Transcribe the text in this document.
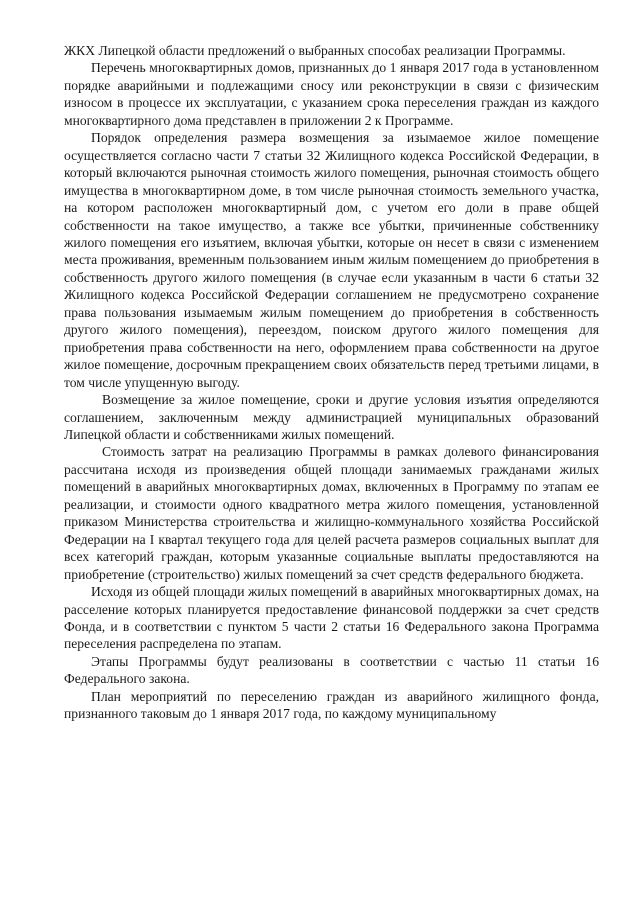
ЖКХ Липецкой области предложений о выбранных способах реализации Программы.

Перечень многоквартирных домов, признанных до 1 января 2017 года в установленном порядке аварийными и подлежащими сносу или реконструкции в связи с физическим износом в процессе их эксплуатации, с указанием срока переселения граждан из каждого многоквартирного дома представлен в приложении 2 к Программе.

Порядок определения размера возмещения за изымаемое жилое помещение осуществляется согласно части 7 статьи 32 Жилищного кодекса Российской Федерации, в который включаются рыночная стоимость жилого помещения, рыночная стоимость общего имущества в многоквартирном доме, в том числе рыночная стоимость земельного участка, на котором расположен многоквартирный дом, с учетом его доли в праве общей собственности на такое имущество, а также все убытки, причиненные собственнику жилого помещения его изъятием, включая убытки, которые он несет в связи с изменением места проживания, временным пользованием иным жилым помещением до приобретения в собственность другого жилого помещения (в случае если указанным в части 6 статьи 32 Жилищного кодекса Российской Федерации соглашением не предусмотрено сохранение права пользования изымаемым жилым помещением до приобретения в собственность другого жилого помещения), переездом, поиском другого жилого помещения для приобретения права собственности на него, оформлением права собственности на другое жилое помещение, досрочным прекращением своих обязательств перед третьими лицами, в том числе упущенную выгоду.

Возмещение за жилое помещение, сроки и другие условия изъятия определяются соглашением, заключенным между администрацией муниципальных образований Липецкой области и собственниками жилых помещений.

Стоимость затрат на реализацию Программы в рамках долевого финансирования рассчитана исходя из произведения общей площади занимаемых гражданами жилых помещений в аварийных многоквартирных домах, включенных в Программу по этапам ее реализации, и стоимости одного квадратного метра жилого помещения, установленной приказом Министерства строительства и жилищно-коммунального хозяйства Российской Федерации на I квартал текущего года для целей расчета размеров социальных выплат для всех категорий граждан, которым указанные социальные выплаты предоставляются на приобретение (строительство) жилых помещений за счет средств федерального бюджета.

Исходя из общей площади жилых помещений в аварийных многоквартирных домах, на расселение которых планируется предоставление финансовой поддержки за счет средств Фонда, и в соответствии с пунктом 5 части 2 статьи 16 Федерального закона Программа переселения распределена по этапам.

Этапы Программы будут реализованы в соответствии с частью 11 статьи 16 Федерального закона.

План мероприятий по переселению граждан из аварийного жилищного фонда, признанного таковым до 1 января 2017 года, по каждому муниципальному
